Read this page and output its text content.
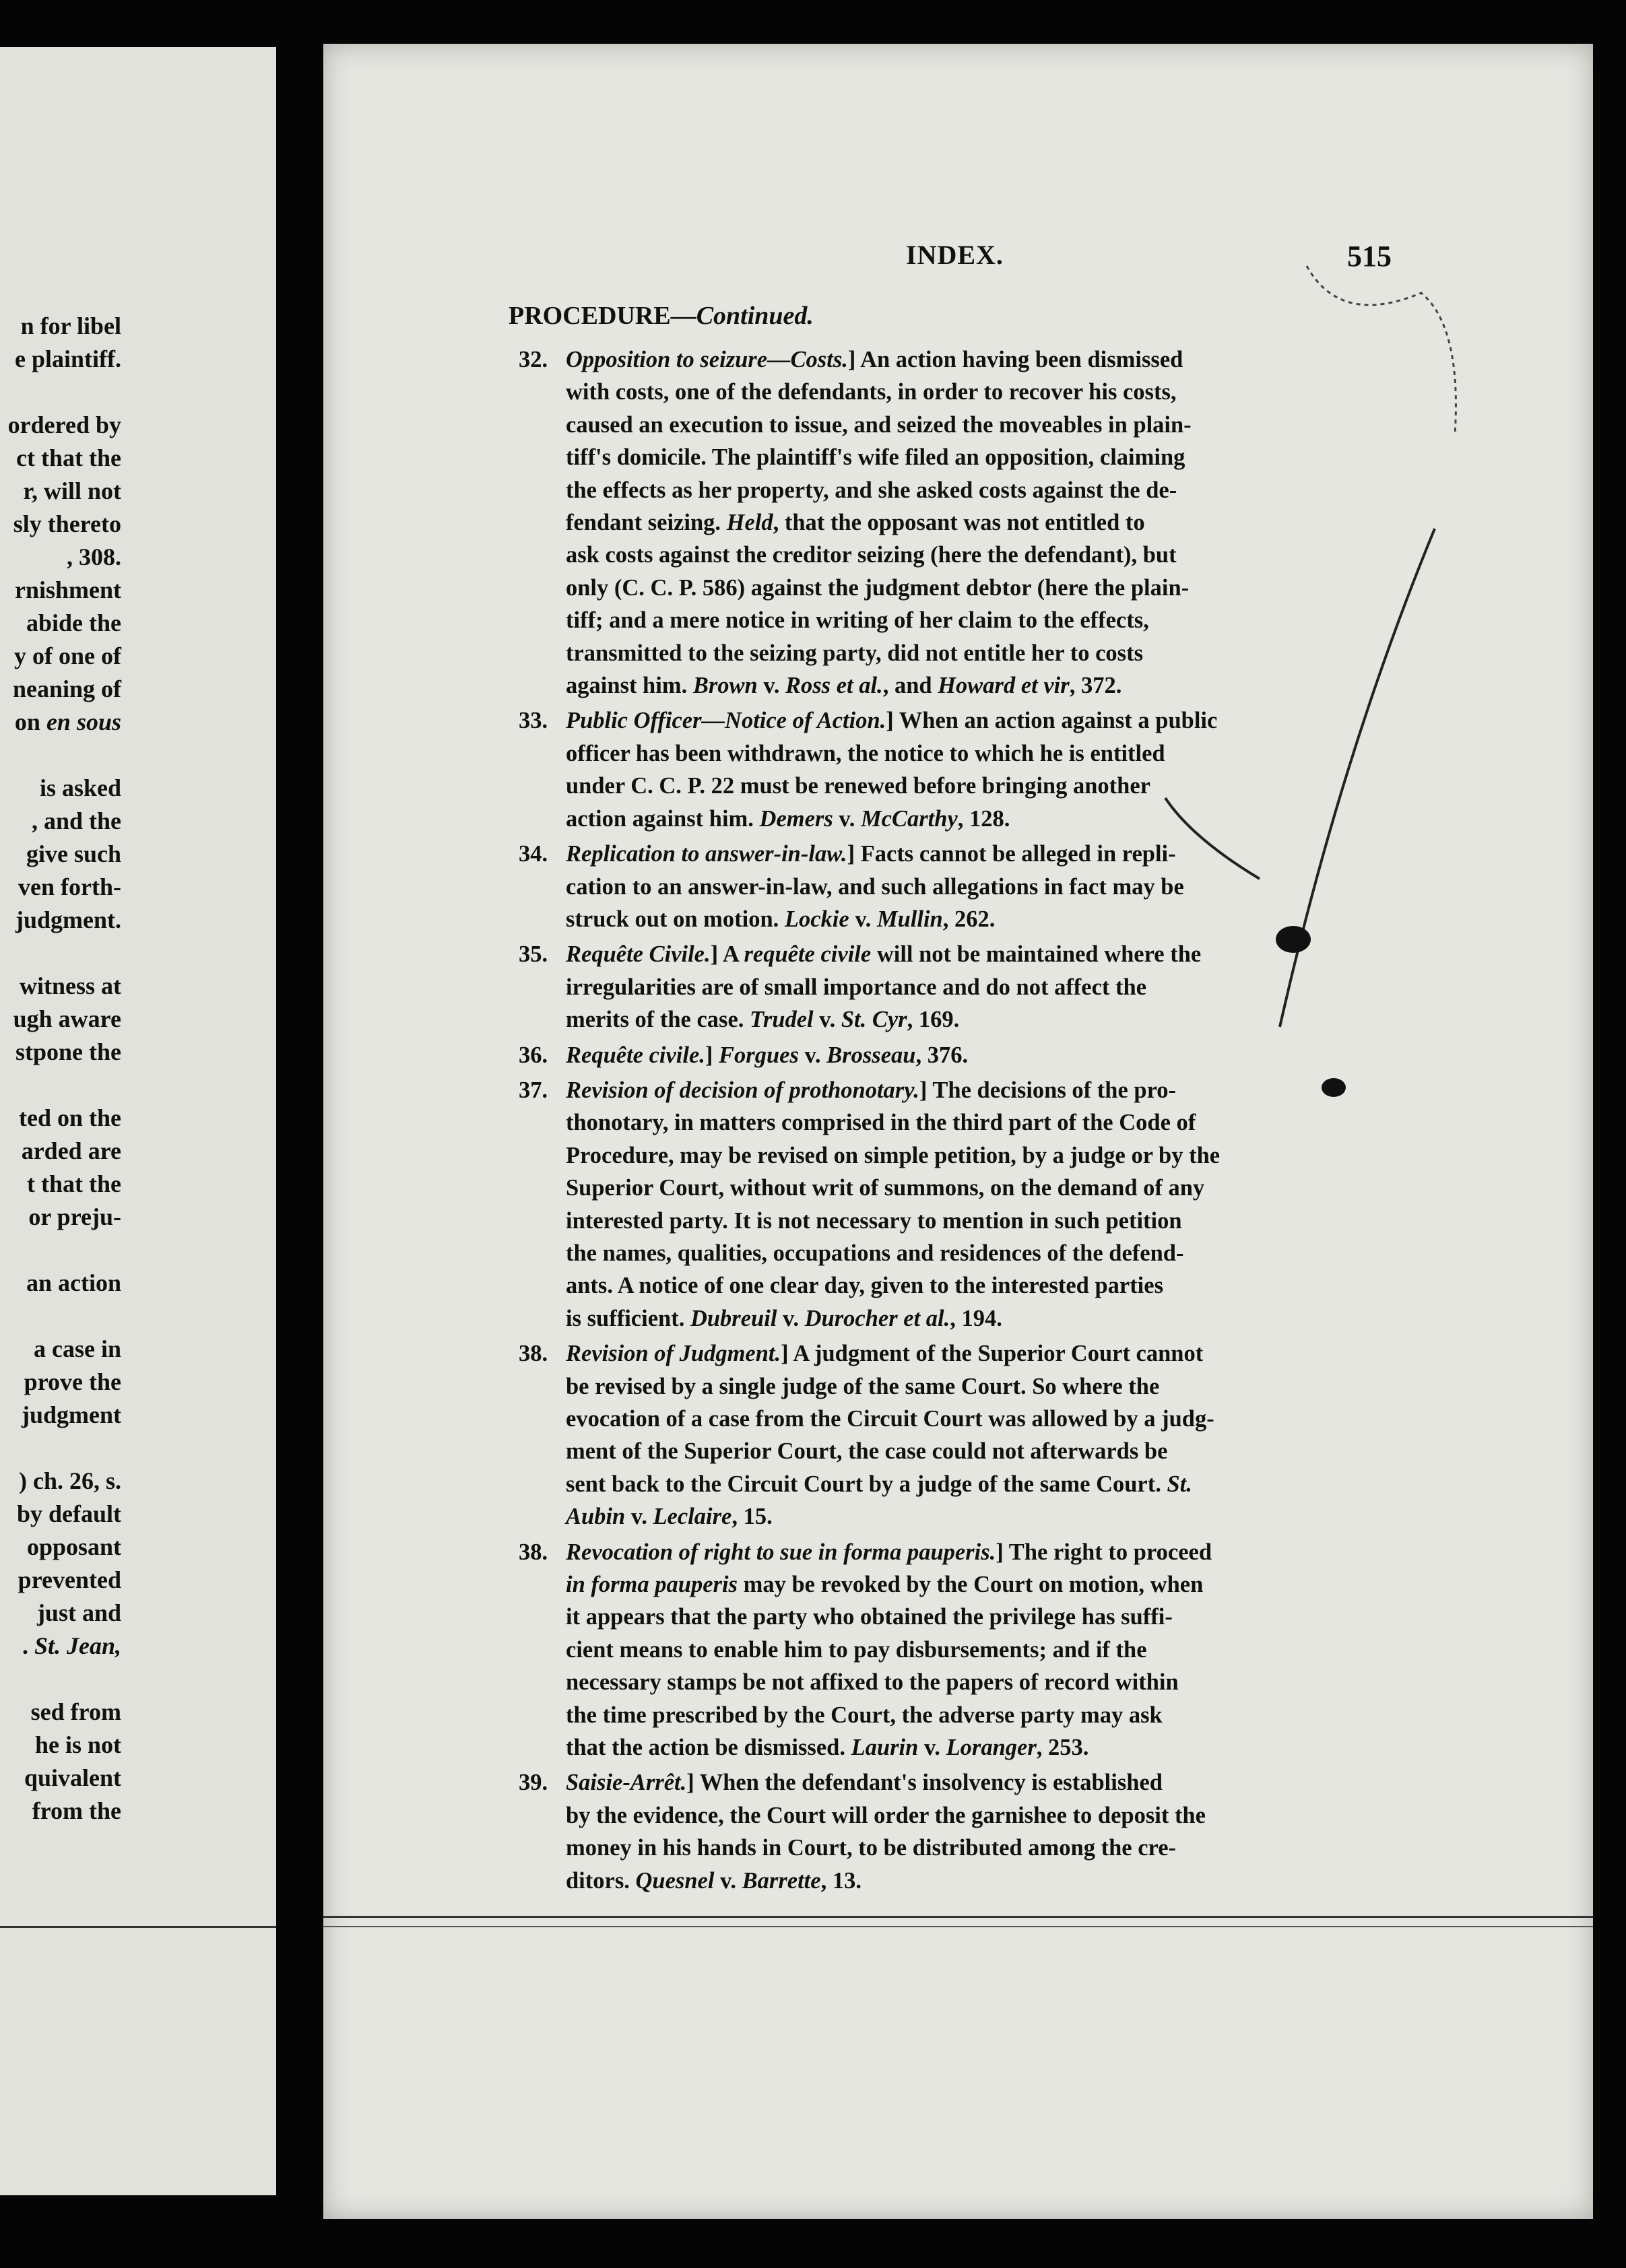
n for libel
e plaintiff.

ordered by
ct that the
r, will not
sly thereto
, 308.
rnishment
abide the
y of one of
neaning of
on en sous

is asked
, and the
give such
ven forth-
judgment.

witness at
ugh aware
stpone the

ted on the
arded are
t that the
or preju-

an action

a case in
prove the
judgment

) ch. 26, s.
by default
opposant
prevented
just and
. St. Jean,

sed from
he is not
quivalent
from the
INDEX.	515
PROCEDURE—Continued.
32. Opposition to seizure—Costs.] An action having been dismissed
with costs, one of the defendants, in order to recover his costs,
caused an execution to issue, and seized the moveables in plain-
tiff's domicile. The plaintiff's wife filed an opposition, claiming
the effects as her property, and she asked costs against the de-
fendant seizing. Held, that the opposant was not entitled to
ask costs against the creditor seizing (here the defendant), but
only (C. C. P. 586) against the judgment debtor (here the plain-
tiff; and a mere notice in writing of her claim to the effects,
transmitted to the seizing party, did not entitle her to costs
against him. Brown v. Ross et al., and Howard et vir, 372.
33. Public Officer—Notice of Action.] When an action against a public
officer has been withdrawn, the notice to which he is entitled
under C. C. P. 22 must be renewed before bringing another
action against him. Demers v. McCarthy, 128.
34. Replication to answer-in-law.] Facts cannot be alleged in repli-
cation to an answer-in-law, and such allegations in fact may be
struck out on motion. Lockie v. Mullin, 262.
35. Requête Civile.] A requête civile will not be maintained where the
irregularities are of small importance and do not affect the
merits of the case. Trudel v. St. Cyr, 169.
36. Requête civile.] Forgues v. Brosseau, 376.
37. Revision of decision of prothonotary.] The decisions of the pro-
thonotary, in matters comprised in the third part of the Code of
Procedure, may be revised on simple petition, by a judge or by the
Superior Court, without writ of summons, on the demand of any
interested party. It is not necessary to mention in such petition
the names, qualities, occupations and residences of the defend-
ants. A notice of one clear day, given to the interested parties
is sufficient. Dubreuil v. Durocher et al., 194.
38. Revision of Judgment.] A judgment of the Superior Court cannot
be revised by a single judge of the same Court. So where the
evocation of a case from the Circuit Court was allowed by a judg-
ment of the Superior Court, the case could not afterwards be
sent back to the Circuit Court by a judge of the same Court. St.
Aubin v. Leclaire, 15.
38. Revocation of right to sue in forma pauperis.] The right to proceed
in forma pauperis may be revoked by the Court on motion, when
it appears that the party who obtained the privilege has suffi-
cient means to enable him to pay disbursements; and if the
necessary stamps be not affixed to the papers of record within
the time prescribed by the Court, the adverse party may ask
that the action be dismissed. Laurin v. Loranger, 253.
39. Saisie-Arrêt.] When the defendant's insolvency is established
by the evidence, the Court will order the garnishee to deposit the
money in his hands in Court, to be distributed among the cre-
ditors. Quesnel v. Barrette, 13.
